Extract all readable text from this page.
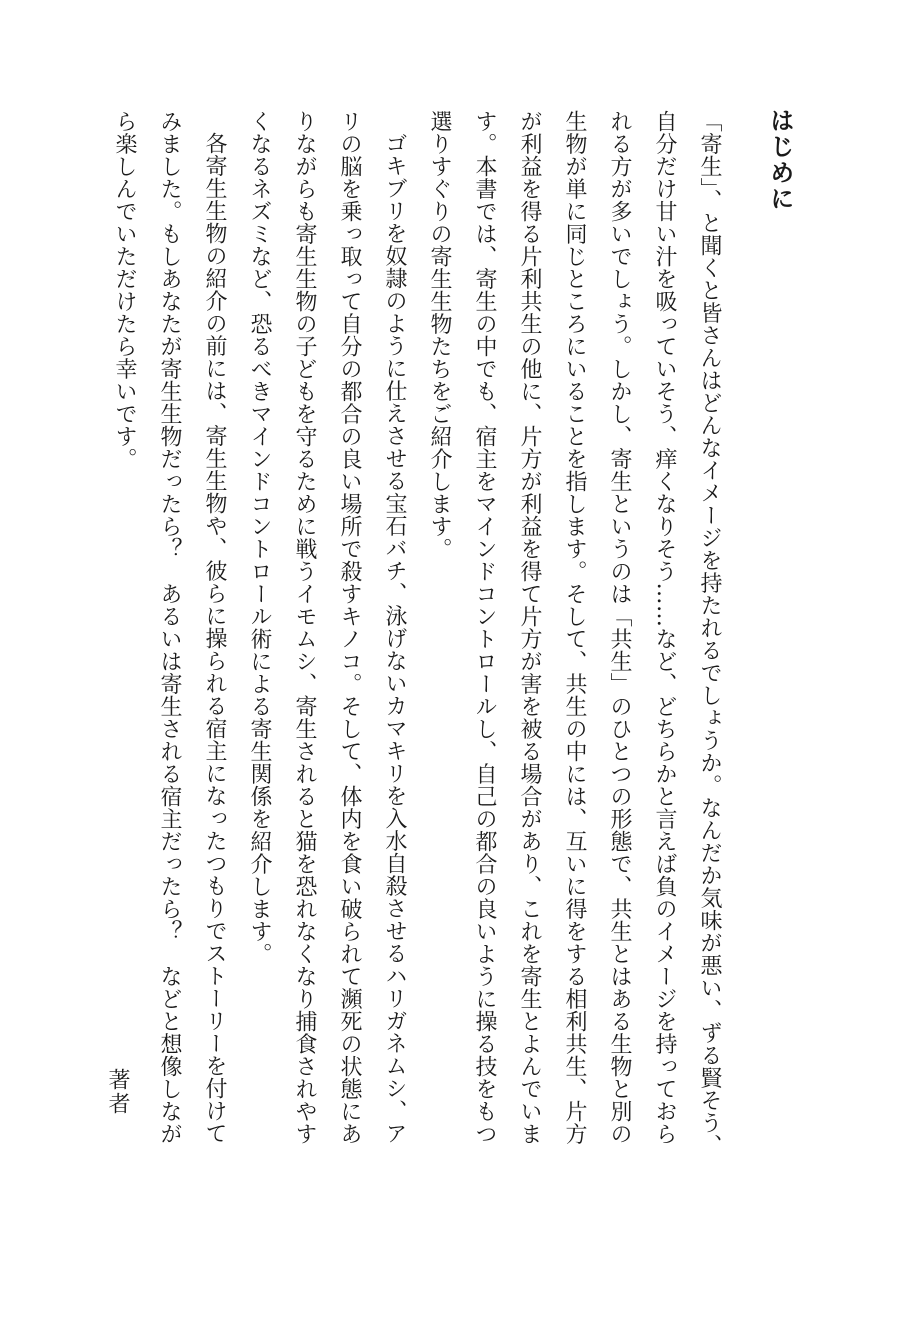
はじめに

「寄生」、と聞くと皆さんはどんなイメージを持たれるでしょうか。なんだか気味が悪い、ずる賢そう、自分だけ甘い汁を吸っていそう、痒くなりそう……など、どちらかと言えば負のイメージを持っておられる方が多いでしょう。しかし、寄生というのは「共生」のひとつの形態で、共生とはある生物と別の生物が単に同じところにいることを指します。そして、共生の中には、互いに得をする相利共生、片方が利益を得る片利共生の他に、片方が利益を得て片方が害を被る場合があり、これを寄生とよんでいます。本書では、寄生の中でも、宿主をマインドコントロールし、自己の都合の良いように操る技をもつ選りすぐりの寄生生物たちをご紹介します。

ゴキブリを奴隷のように仕えさせる宝石バチ、泳げないカマキリを入水自殺させるハリガネムシ、アリの脳を乗っ取って自分の都合の良い場所で殺すキノコ。そして、体内を食い破られて瀕死の状態にありながらも寄生生物の子どもを守るために戦うイモムシ、寄生されると猫を恐れなくなり捕食されやすくなるネズミなど、恐るべきマインドコントロール術による寄生関係を紹介します。

各寄生生物の紹介の前には、寄生生物や、彼らに操られる宿主になったつもりでストーリーを付けてみました。もしあなたが寄生生物だったら？　あるいは寄生される宿主だったら？　などと想像しながら楽しんでいただけたら幸いです。

著者
